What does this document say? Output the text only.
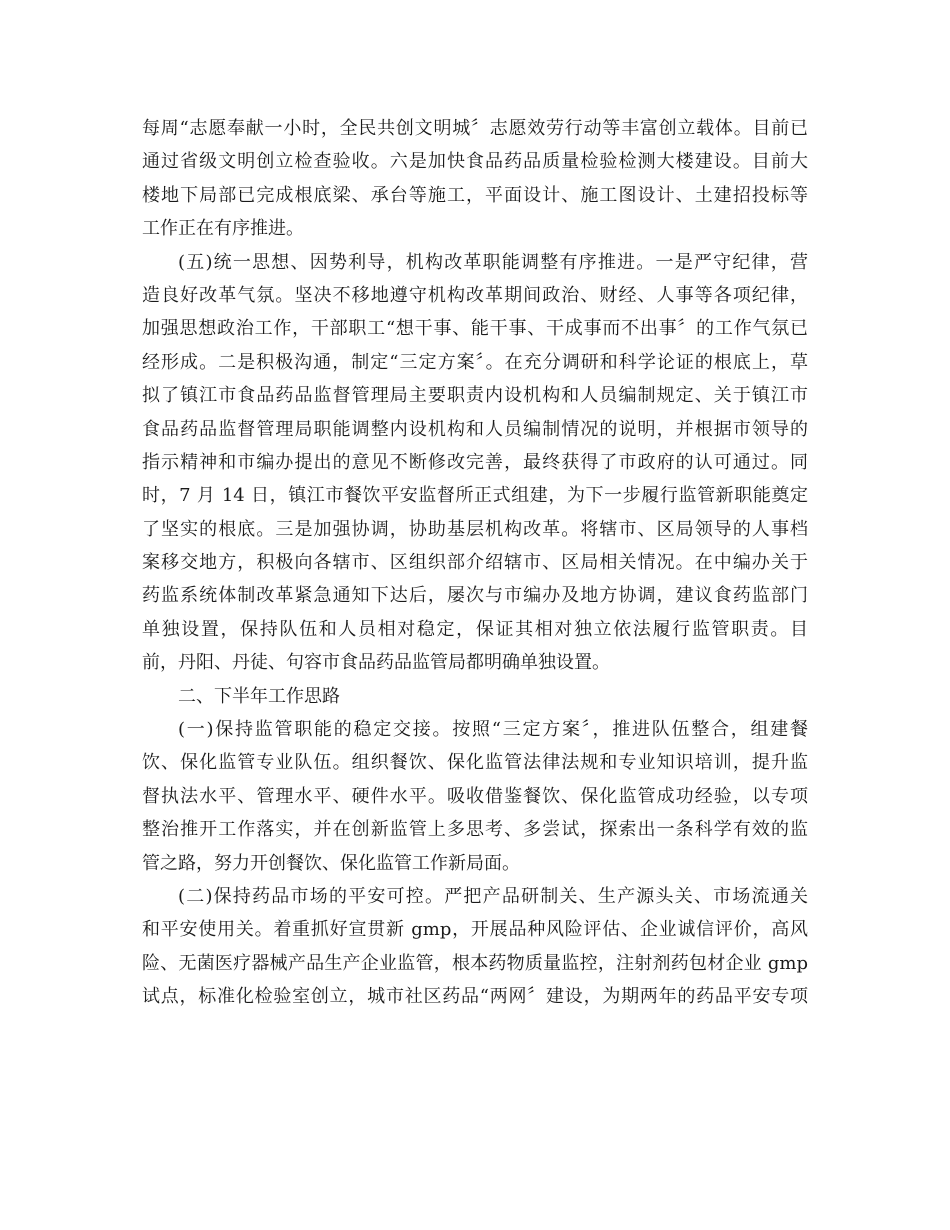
每周“志愿奉献一小时，全民共创文明城〞志愿效劳行动等丰富创立载体。目前已
通过省级文明创立检查验收。六是加快食品药品质量检验检测大楼建设。目前大
楼地下局部已完成根底梁、承台等施工，平面设计、施工图设计、土建招投标等
工作正在有序推进。
(五)统一思想、因势利导，机构改革职能调整有序推进。一是严守纪律，营
造良好改革气氛。坚决不移地遵守机构改革期间政治、财经、人事等各项纪律，
加强思想政治工作，干部职工“想干事、能干事、干成事而不出事〞的工作气氛已
经形成。二是积极沟通，制定“三定方案〞。在充分调研和科学论证的根底上，草
拟了镇江市食品药品监督管理局主要职责内设机构和人员编制规定、关于镇江市
食品药品监督管理局职能调整内设机构和人员编制情况的说明，并根据市领导的
指示精神和市编办提出的意见不断修改完善，最终获得了市政府的认可通过。同
时，7 月 14 日，镇江市餐饮平安监督所正式组建，为下一步履行监管新职能奠定
了坚实的根底。三是加强协调，协助基层机构改革。将辖市、区局领导的人事档
案移交地方，积极向各辖市、区组织部介绍辖市、区局相关情况。在中编办关于
药监系统体制改革紧急通知下达后，屡次与市编办及地方协调，建议食药监部门
单独设置，保持队伍和人员相对稳定，保证其相对独立依法履行监管职责。目
前，丹阳、丹徒、句容市食品药品监管局都明确单独设置。
二、下半年工作思路
(一)保持监管职能的稳定交接。按照“三定方案〞，推进队伍整合，组建餐
饮、保化监管专业队伍。组织餐饮、保化监管法律法规和专业知识培训，提升监
督执法水平、管理水平、硬件水平。吸收借鉴餐饮、保化监管成功经验，以专项
整治推开工作落实，并在创新监管上多思考、多尝试，探索出一条科学有效的监
管之路，努力开创餐饮、保化监管工作新局面。
(二)保持药品市场的平安可控。严把产品研制关、生产源头关、市场流通关
和平安使用关。着重抓好宣贯新 gmp，开展品种风险评估、企业诚信评价，高风
险、无菌医疗器械产品生产企业监管，根本药物质量监控，注射剂药包材企业 gmp
试点，标准化检验室创立，城市社区药品“两网〞建设，为期两年的药品平安专项
